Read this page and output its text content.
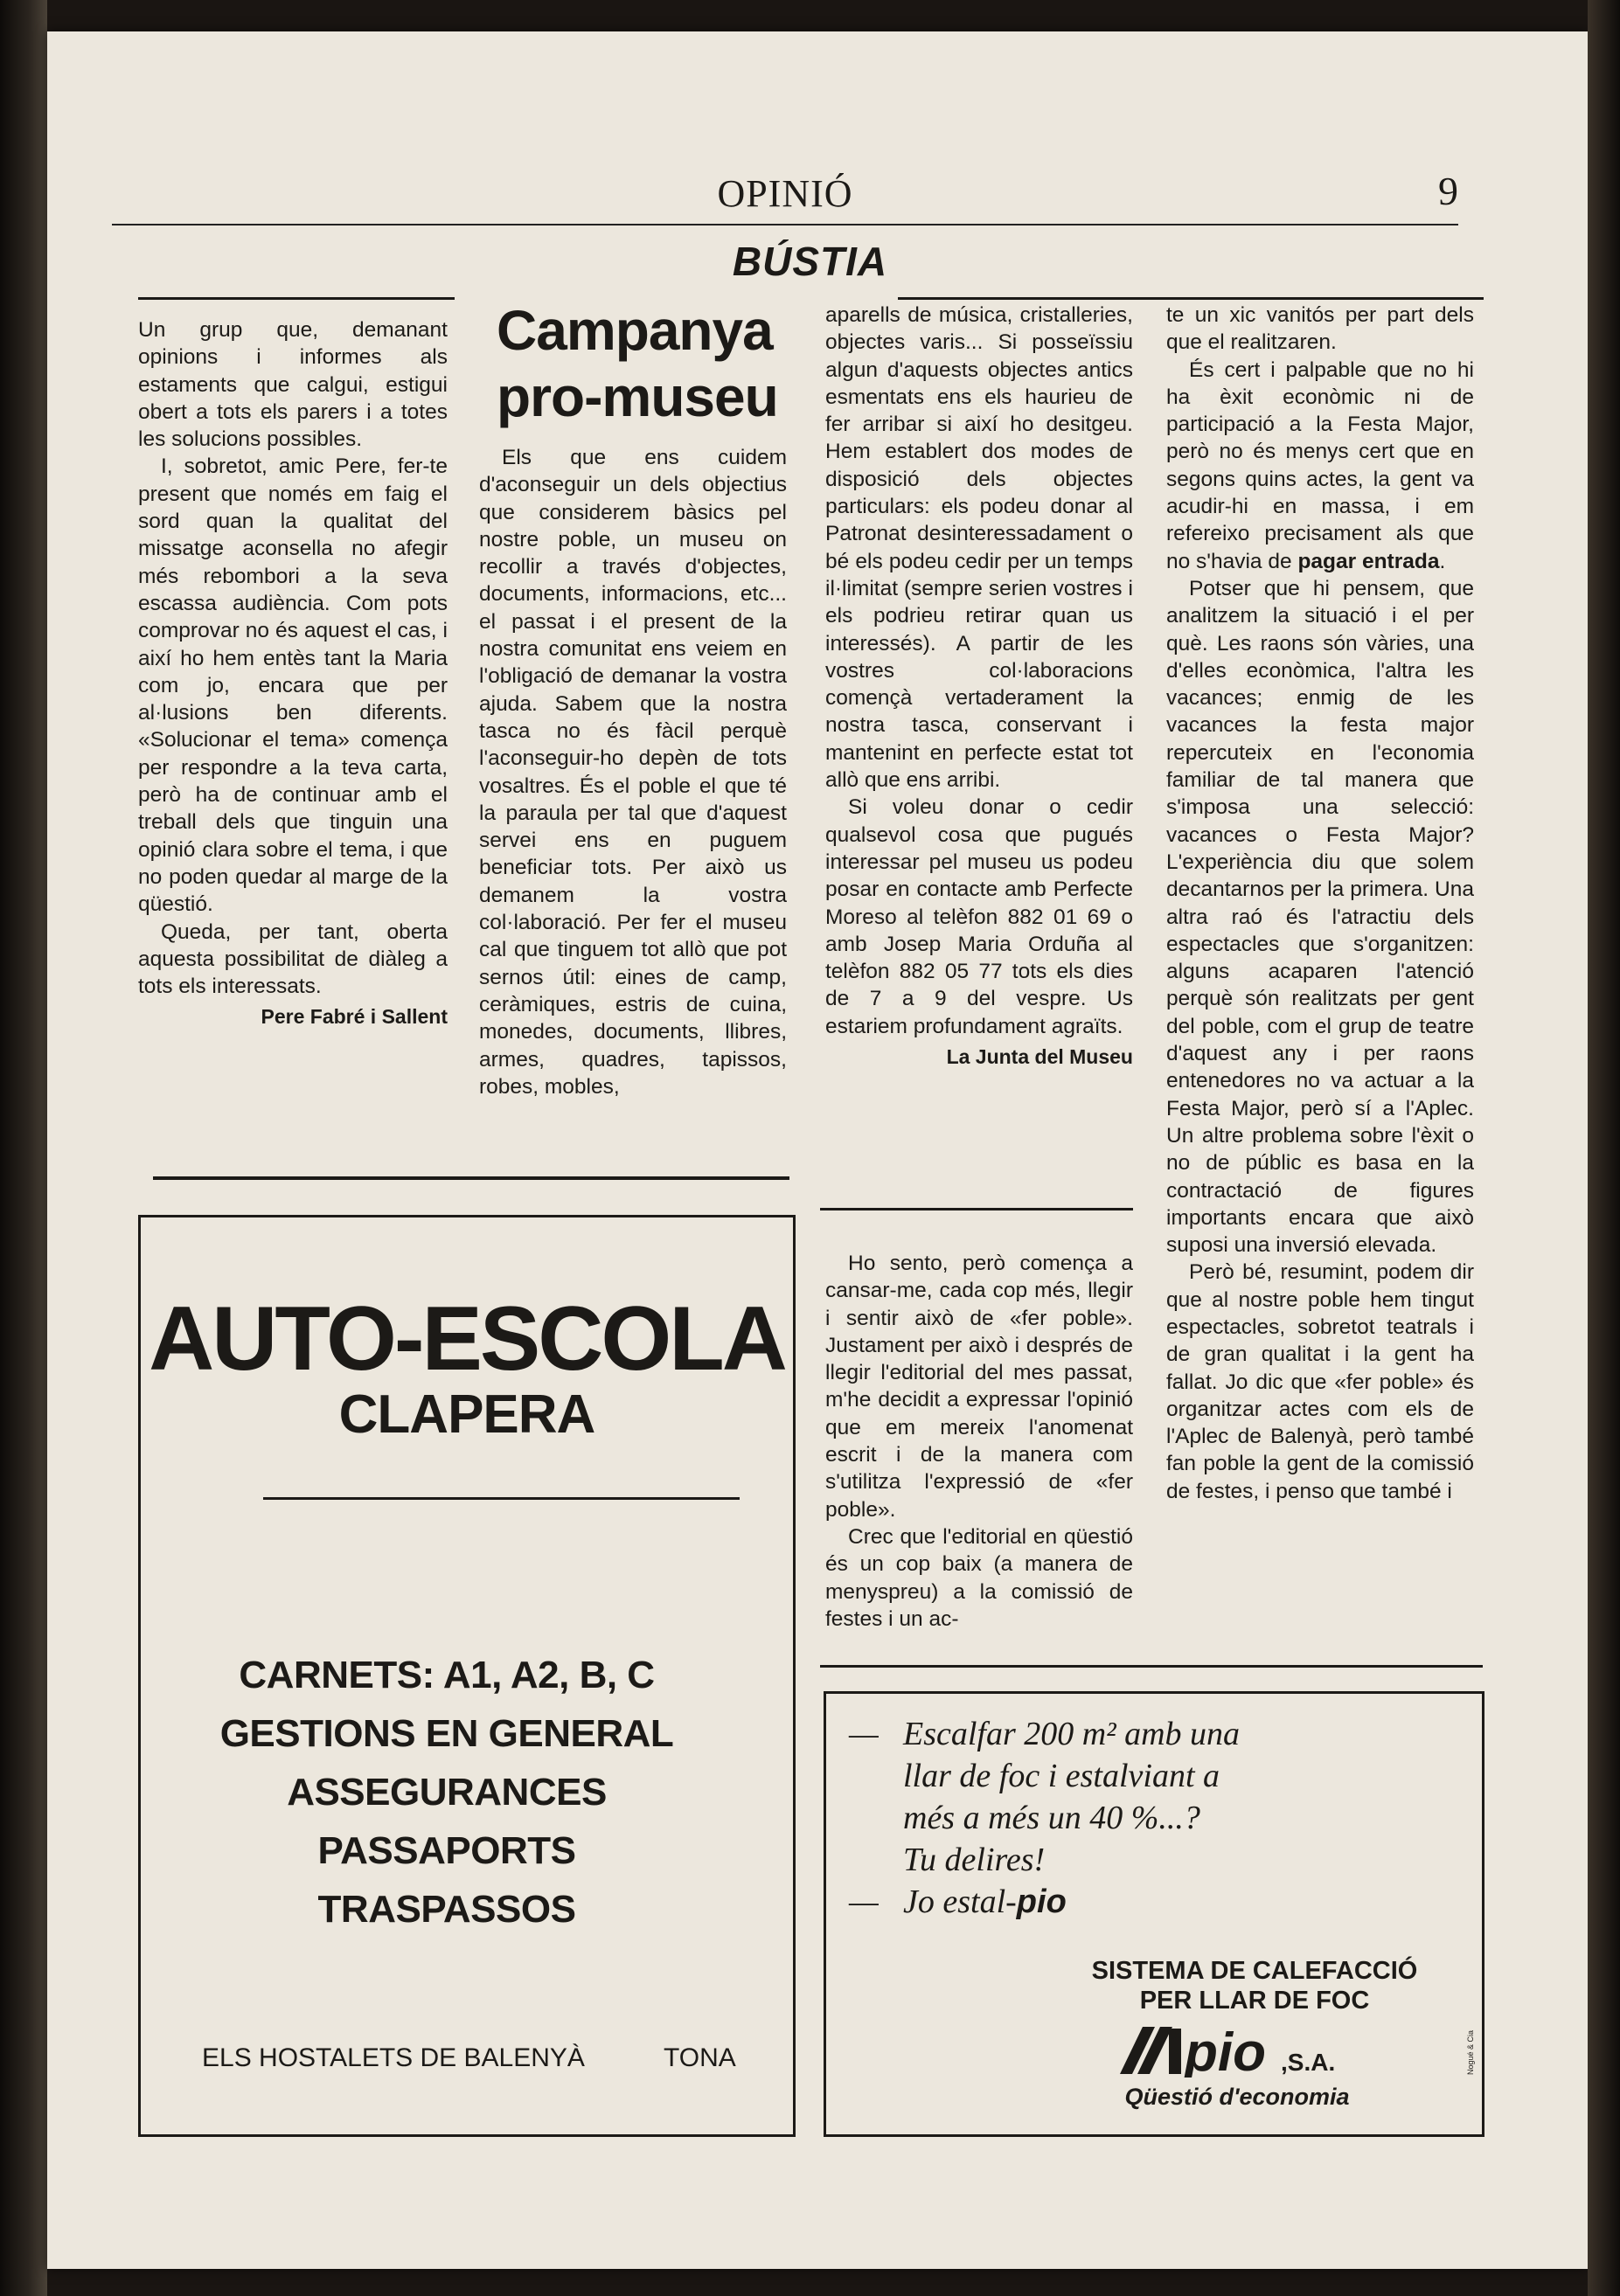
OPINIÓ	9
BÚSTIA

Un grup que, demanant opinions i informes als estaments que calgui, estigui obert a tots els parers i a totes les solucions possibles.

I, sobretot, amic Pere, fer-te present que només em faig el sord quan la qualitat del missatge aconsella no afegir més rebombori a la seva escassa audiència. Com pots comprovar no és aquest el cas, i així ho hem entès tant la Maria com jo, encara que per al·lusions ben diferents. «Solucionar el tema» comença per respondre a la teva carta, però ha de continuar amb el treball dels que tinguin una opinió clara sobre el tema, i que no poden quedar al marge de la qüestió.

Queda, per tant, oberta aquesta possibilitat de diàleg a tots els interessats.

Pere Fabré i Sallent
Campanya pro-museu

Els que ens cuidem d'aconseguir un dels objectius que considerem bàsics pel nostre poble, un museu on recollir a través d'objectes, documents, informacions, etc... el passat i el present de la nostra comunitat ens veiem en l'obligació de demanar la vostra ajuda. Sabem que la nostra tasca no és fàcil perquè l'aconseguir-ho depèn de tots vosaltres. És el poble el que té la paraula per tal que d'aquest servei ens en puguem beneficiar tots. Per això us demanem la vostra col·laboració. Per fer el museu cal que tinguem tot allò que pot sernos útil: eines de camp, ceràmiques, estris de cuina, monedes, documents, llibres, armes, quadres, tapissos, robes, mobles,

aparells de música, cristalleries, objectes varis... Si posseïssiu algun d'aquests objectes antics esmentats ens els haurieu de fer arribar si així ho desitgeu. Hem establert dos modes de disposició dels objectes particulars: els podeu donar al Patronat desinteressadament o bé els podeu cedir per un temps il·limitat (sempre serien vostres i els podrieu retirar quan us interessés). A partir de les vostres col·laboracions començà vertaderament la nostra tasca, conservant i mantenint en perfecte estat tot allò que ens arribi.

Si voleu donar o cedir qualsevol cosa que pugués interessar pel museu us podeu posar en contacte amb Perfecte Moreso al telèfon 882 01 69 o amb Josep Maria Orduña al telèfon 882 05 77 tots els dies de 7 a 9 del vespre. Us estariem profundament agraïts.

La Junta del Museu

Ho sento, però comença a cansar-me, cada cop més, llegir i sentir això de «fer poble». Justament per això i després de llegir l'editorial del mes passat, m'he decidit a expressar l'opinió que em mereix l'anomenat escrit i de la manera com s'utilitza l'expressió de «fer poble».

Crec que l'editorial en qüestió és un cop baix (a manera de menyspreu) a la comissió de festes i un ac-

te un xic vanitós per part dels que el realitzaren.

És cert i palpable que no hi ha èxit econòmic ni de participació a la Festa Major, però no és menys cert que en segons quins actes, la gent va acudir-hi en massa, i em refereixo precisament als que no s'havia de pagar entrada.

Potser que hi pensem, que analitzem la situació i el per què. Les raons són vàries, una d'elles econòmica, l'altra les vacances; enmig de les vacances la festa major repercuteix en l'economia familiar de tal manera que s'imposa una selecció: vacances o Festa Major? L'experiència diu que solem decantarnos per la primera. Una altra raó és l'atractiu dels espectacles que s'organitzen: alguns acaparen l'atenció perquè són realitzats per gent del poble, com el grup de teatre d'aquest any i per raons entenedores no va actuar a la Festa Major, però sí a l'Aplec. Un altre problema sobre l'èxit o no de públic es basa en la contractació de figures importants encara que això suposi una inversió elevada.

Però bé, resumint, podem dir que al nostre poble hem tingut espectacles, sobretot teatrals i de gran qualitat i la gent ha fallat. Jo dic que «fer poble» és organitzar actes com els de l'Aplec de Balenyà, però també fan poble la gent de la comissió de festes, i penso que també i

AUTO-ESCOLA
CLAPERA
CARNETS: A1, A2, B, C
GESTIONS EN GENERAL
ASSEGURANCES
PASSAPORTS
TRASPASSOS
ELS HOSTALETS DE BALENYÀ	TONA
— Escalfar 200 m² amb una
llar de foc i estalviant a
més a més un 40 %...?
Tu delires!
— Jo estal-pio
SISTEMA DE CALEFACCIÓ PER LLAR DE FOC
pio ,S.A.
Qüestió d'economia
Nogué & Cia
